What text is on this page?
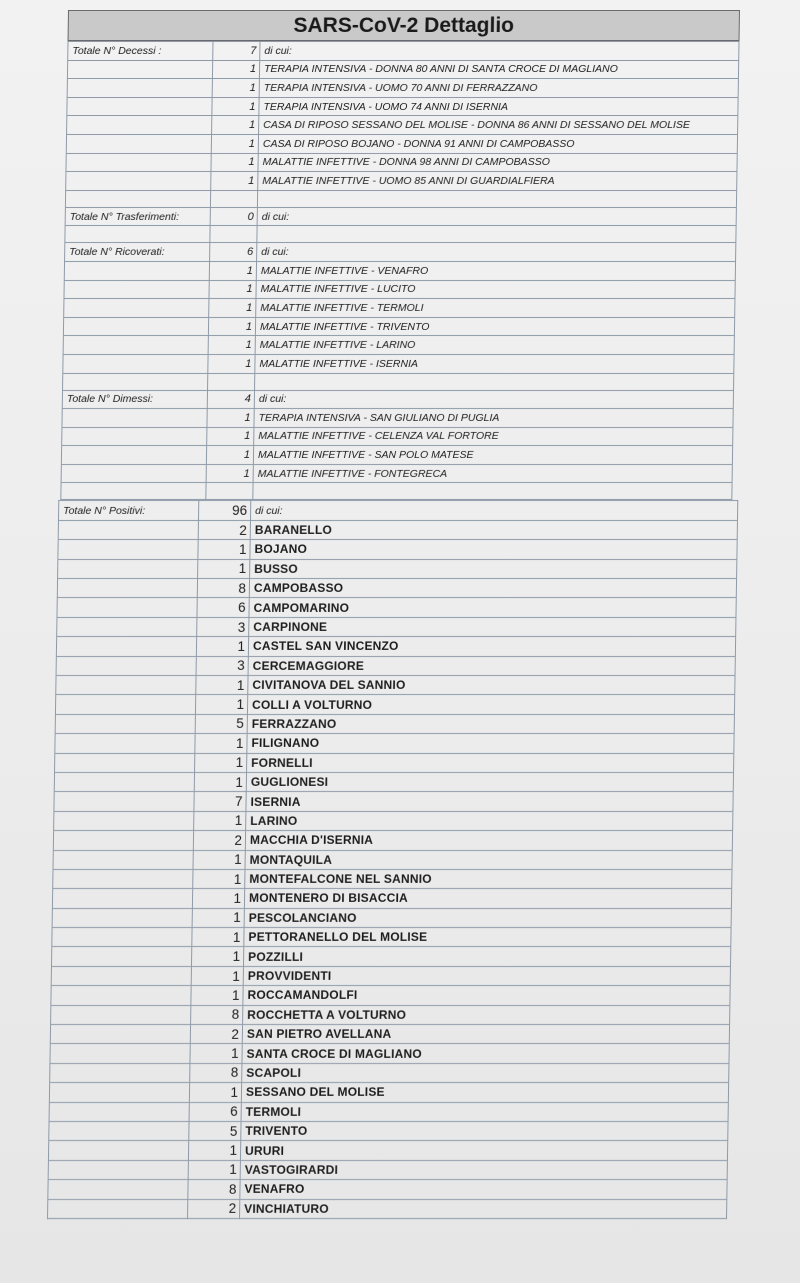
SARS-CoV-2 Dettaglio
Totale N° Decessi :	7	di cui:
	1	TERAPIA INTENSIVA - DONNA 80 ANNI DI SANTA CROCE DI MAGLIANO
	1	TERAPIA INTENSIVA - UOMO 70 ANNI DI FERRAZZANO
	1	TERAPIA INTENSIVA - UOMO 74 ANNI DI ISERNIA
	1	CASA DI RIPOSO SESSANO DEL MOLISE - DONNA 86 ANNI DI SESSANO DEL MOLISE
	1	CASA DI RIPOSO BOJANO - DONNA 91 ANNI DI CAMPOBASSO
	1	MALATTIE INFETTIVE - DONNA 98 ANNI DI CAMPOBASSO
	1	MALATTIE INFETTIVE - UOMO 85 ANNI DI GUARDIALFIERA

Totale N° Trasferimenti:	0	di cui:

Totale N° Ricoverati:	6	di cui:
	1	MALATTIE INFETTIVE - VENAFRO
	1	MALATTIE INFETTIVE - LUCITO
	1	MALATTIE INFETTIVE - TERMOLI
	1	MALATTIE INFETTIVE - TRIVENTO
	1	MALATTIE INFETTIVE - LARINO
	1	MALATTIE INFETTIVE - ISERNIA

Totale N° Dimessi:	4	di cui:
	1	TERAPIA INTENSIVA - SAN GIULIANO DI PUGLIA
	1	MALATTIE INFETTIVE - CELENZA VAL FORTORE
	1	MALATTIE INFETTIVE - SAN POLO MATESE
	1	MALATTIE INFETTIVE - FONTEGRECA

Totale N° Positivi:	96	di cui:
	2	BARANELLO
	1	BOJANO
	1	BUSSO
	8	CAMPOBASSO
	6	CAMPOMARINO
	3	CARPINONE
	1	CASTEL SAN VINCENZO
	3	CERCEMAGGIORE
	1	CIVITANOVA DEL SANNIO
	1	COLLI A VOLTURNO
	5	FERRAZZANO
	1	FILIGNANO
	1	FORNELLI
	1	GUGLIONESI
	7	ISERNIA
	1	LARINO
	2	MACCHIA D'ISERNIA
	1	MONTAQUILA
	1	MONTEFALCONE NEL SANNIO
	1	MONTENERO DI BISACCIA
	1	PESCOLANCIANO
	1	PETTORANELLO DEL MOLISE
	1	POZZILLI
	1	PROVVIDENTI
	1	ROCCAMANDOLFI
	8	ROCCHETTA A VOLTURNO
	2	SAN PIETRO AVELLANA
	1	SANTA CROCE DI MAGLIANO
	8	SCAPOLI
	1	SESSANO DEL MOLISE
	6	TERMOLI
	5	TRIVENTO
	1	URURI
	1	VASTOGIRARDI
	8	VENAFRO
	2	VINCHIATURO
